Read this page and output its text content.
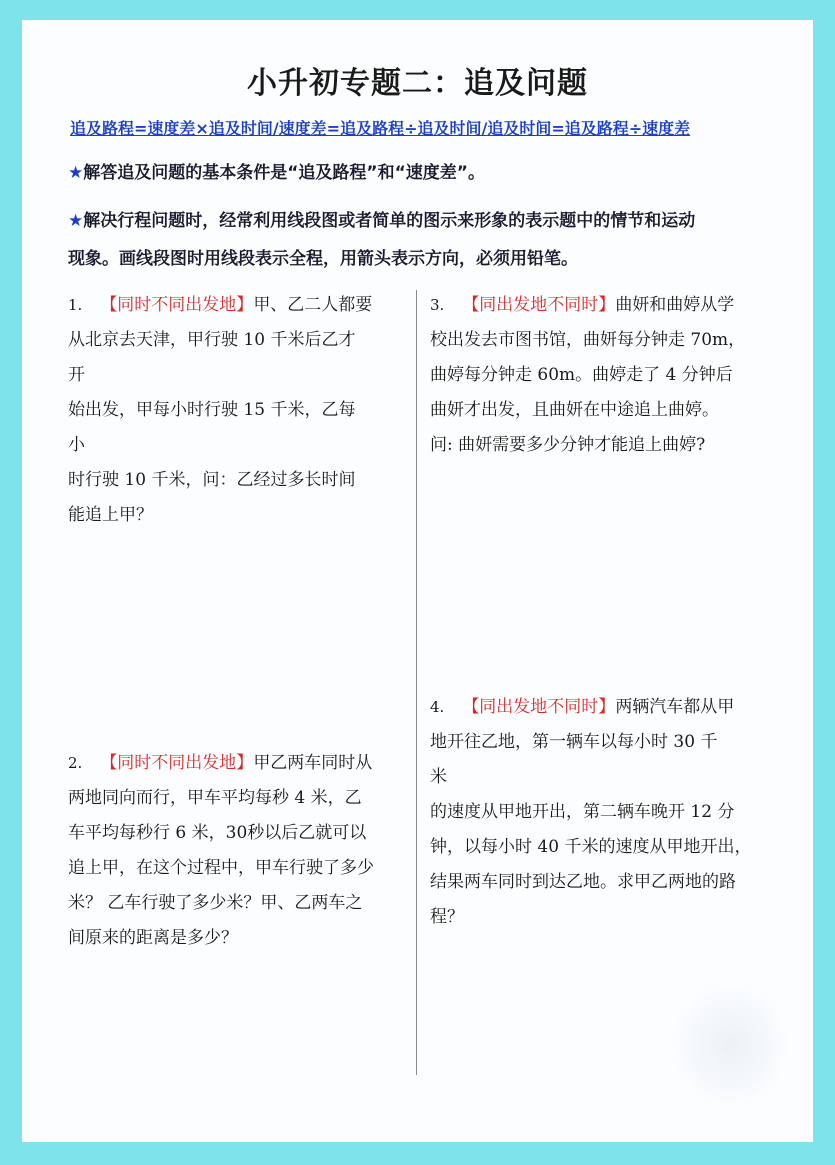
小升初专题二：追及问题
追及路程=速度差×追及时间/速度差=追及路程÷追及时间/追及时间=追及路程÷速度差
★解答追及问题的基本条件是“追及路程”和“速度差”。
★解决行程问题时，经常利用线段图或者简单的图示来形象的表示题中的情节和运动
现象。画线段图时用线段表示全程，用箭头表示方向，必须用铅笔。
1. 【同时不同出发地】甲、乙二人都要
从北京去天津，甲行驶 10 千米后乙才
开
始出发，甲每小时行驶 15 千米，乙每
小
时行驶 10 千米，问：乙经过多长时间
能追上甲？
2. 【同时不同出发地】甲乙两车同时从
两地同向而行，甲车平均每秒 4 米，乙
车平均每秒行 6 米，30秒以后乙就可以
追上甲，在这个过程中，甲车行驶了多少
米？ 乙车行驶了多少米？甲、乙两车之
间原来的距离是多少？
3. 【同出发地不同时】曲妍和曲婷从学
校出发去市图书馆，曲妍每分钟走 70m，
曲婷每分钟走 60m。曲婷走了 4 分钟后
曲妍才出发，且曲妍在中途追上曲婷。
问: 曲妍需要多少分钟才能追上曲婷?
4. 【同出发地不同时】两辆汽车都从甲
地开往乙地，第一辆车以每小时 30 千
米
的速度从甲地开出，第二辆车晚开 12 分
钟，以每小时 40 千米的速度从甲地开出，
结果两车同时到达乙地。求甲乙两地的路
程？
